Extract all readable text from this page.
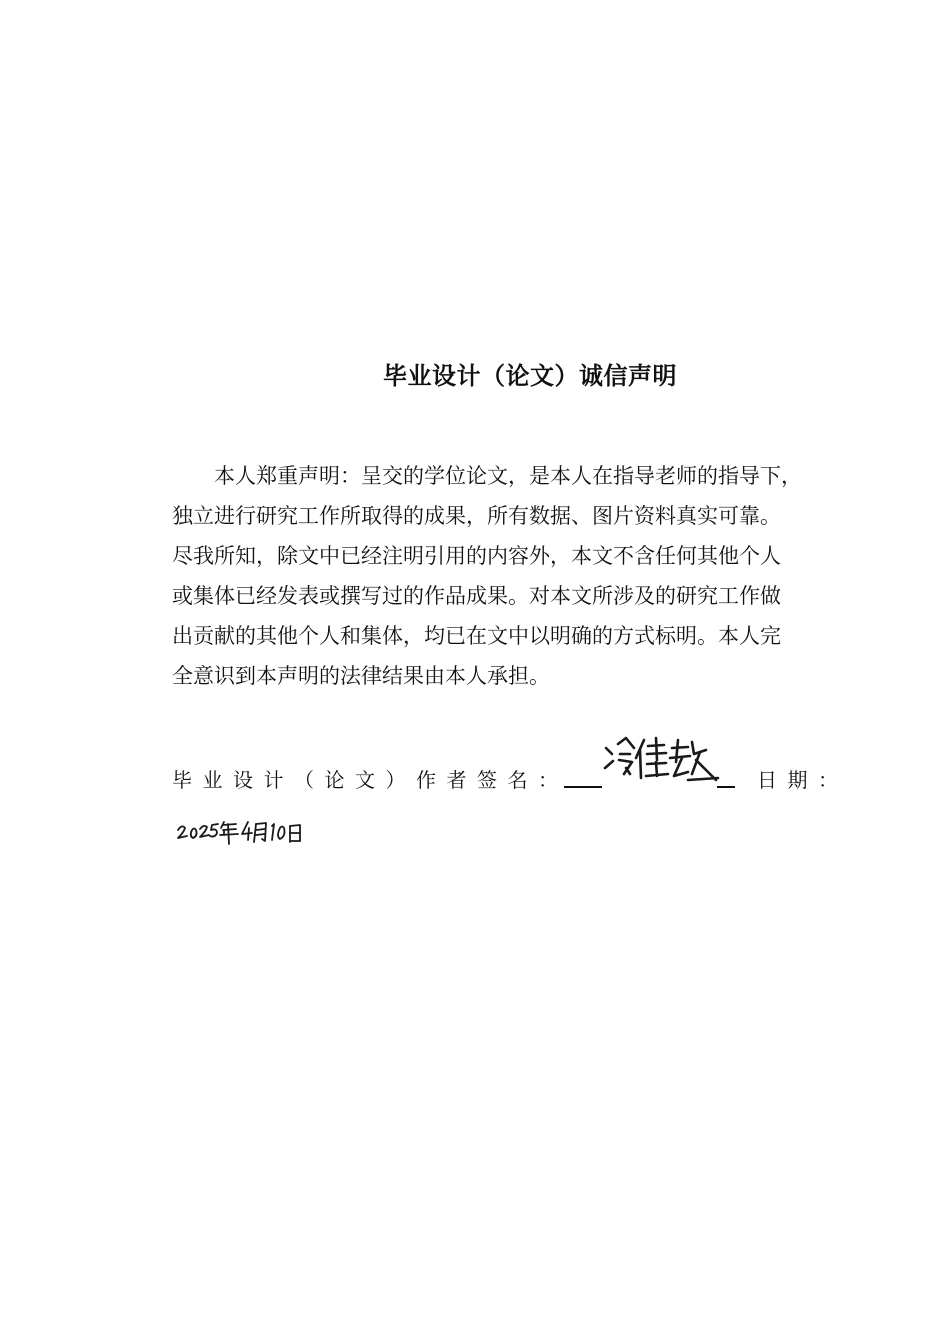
毕业设计（论文）诚信声明
本人郑重声明：呈交的学位论文，是本人在指导老师的指导下，
独立进行研究工作所取得的成果，所有数据、图片资料真实可靠。
尽我所知，除文中已经注明引用的内容外，本文不含任何其他个人
或集体已经发表或撰写过的作品成果。对本文所涉及的研究工作做
出贡献的其他个人和集体，均已在文中以明确的方式标明。本人完
全意识到本声明的法律结果由本人承担。
毕业设计（论文）作者签名：	日期：
